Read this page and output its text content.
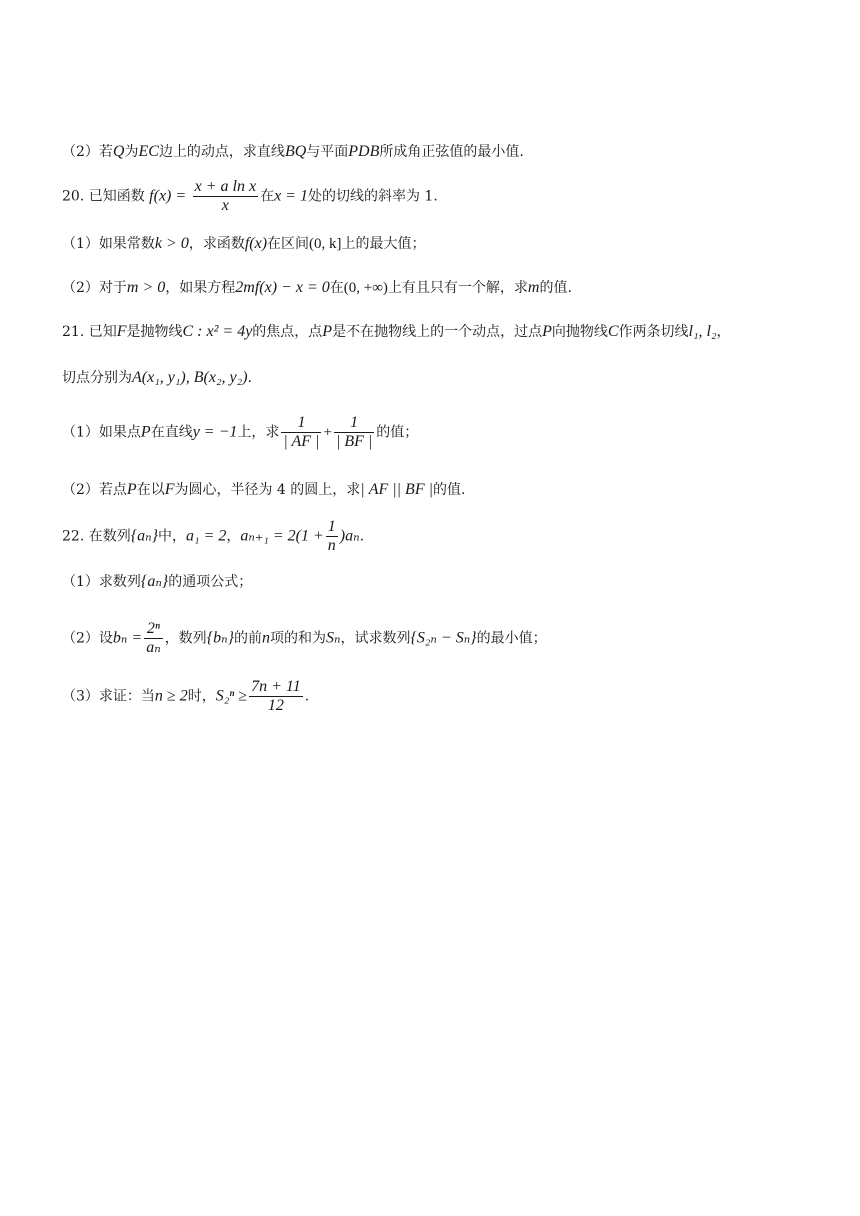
（2）若Q为EC边上的动点，求直线BQ与平面PDB所成角正弦值的最小值.
20. 已知函数 $f(x) = \frac{\text{x + a ln x}}{x}$ 在x = 1处的切线的斜率为 1.
（1）如果常数k > 0，求函数f(x)在区间(0, k]上的最大值；
（2）对于m > 0，如果方程2mf(x) − x = 0在(0, +∞)上有且只有一个解，求m的值.
21. 已知F是抛物线C : x² = 4y的焦点，点P是不在抛物线上的一个动点，过点P向抛物线C作两条切线l₁, l₂，
切点分别为A(x₁, y₁), B(x₂, y₂).
（1）如果点P在直线y = −1上，求 $\frac{1}{| AF |} + \frac{1}{| BF |}$ 的值；
（2）若点P在以F为圆心，半径为 4 的圆上，求| AF || BF |的值.
22. 在数列{aₙ}中，a₁ = 2，$a_{n+1} = 2(1 + \frac{1}{n} )a_n$.
（1）求数列{aₙ}的通项公式；
（2）设$b_n = \frac{\text{2ⁿ}}{\text{aₙ}}$ ，数列{bₙ}的前n项的和为Sₙ，试求数列{S₂ₙ − Sₙ}的最小值；
（3）求证：当n ≥ 2时，$S_2^n \ge \frac{7n + 11}{12}$ .
